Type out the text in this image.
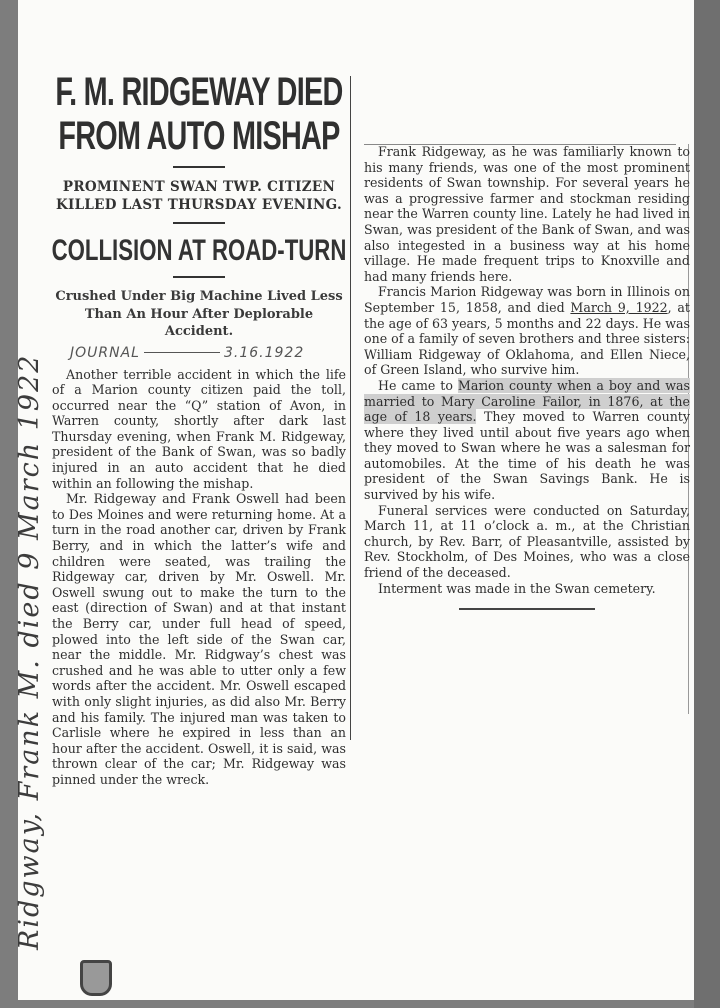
Ridgway, Frank M. died 9 March 1922
F. M. RIDGEWAY DIED FROM AUTO MISHAP
PROMINENT SWAN TWP. CITIZEN KILLED LAST THURSDAY EVENING.
COLLISION AT ROAD-TURN
Crushed Under Big Machine Lived Less Than An Hour After Deplorable Accident.
JOURNAL	3.16.1922

Another terrible accident in which the life of a Marion county citizen paid the toll, occurred near the “Q” station of Avon, in Warren county, shortly after dark last Thursday evening, when Frank M. Ridgeway, president of the Bank of Swan, was so badly injured in an auto accident that he died within an following the mishap.

Mr. Ridgeway and Frank Oswell had been to Des Moines and were returning home. At a turn in the road another car, driven by Frank Berry, and in which the latter’s wife and children were seated, was trailing the Ridgeway car, driven by Mr. Oswell. Mr. Oswell swung out to make the turn to the east (direction of Swan) and at that instant the Berry car, under full head of speed, plowed into the left side of the Swan car, near the middle. Mr. Ridgway’s chest was crushed and he was able to utter only a few words after the accident. Mr. Oswell escaped with only slight injuries, as did also Mr. Berry and his family. The injured man was taken to Carlisle where he expired in less than an hour after the accident. Oswell, it is said, was thrown clear of the car; Mr. Ridgeway was pinned under the wreck.

Frank Ridgeway, as he was familiarly known to his many friends, was one of the most prominent residents of Swan township. For several years he was a progressive farmer and stockman residing near the Warren county line. Lately he had lived in Swan, was president of the Bank of Swan, and was also integested in a business way at his home village. He made frequent trips to Knoxville and had many friends here.

Francis Marion Ridgeway was born in Illinois on September 15, 1858, and died March 9, 1922, at the age of 63 years, 5 months and 22 days. He was one of a family of seven brothers and three sisters: William Ridgeway of Oklahoma, and Ellen Niece, of Green Island, who survive him.

He came to Marion county when a boy and was married to Mary Caroline Failor, in 1876, at the age of 18 years. They moved to Warren county where they lived until about five years ago when they moved to Swan where he was a salesman for automobiles. At the time of his death he was president of the Swan Savings Bank. He is survived by his wife.

Funeral services were conducted on Saturday, March 11, at 11 o’clock a. m., at the Christian church, by Rev. Barr, of Pleasantville, assisted by Rev. Stockholm, of Des Moines, who was a close friend of the deceased.

Interment was made in the Swan cemetery.
